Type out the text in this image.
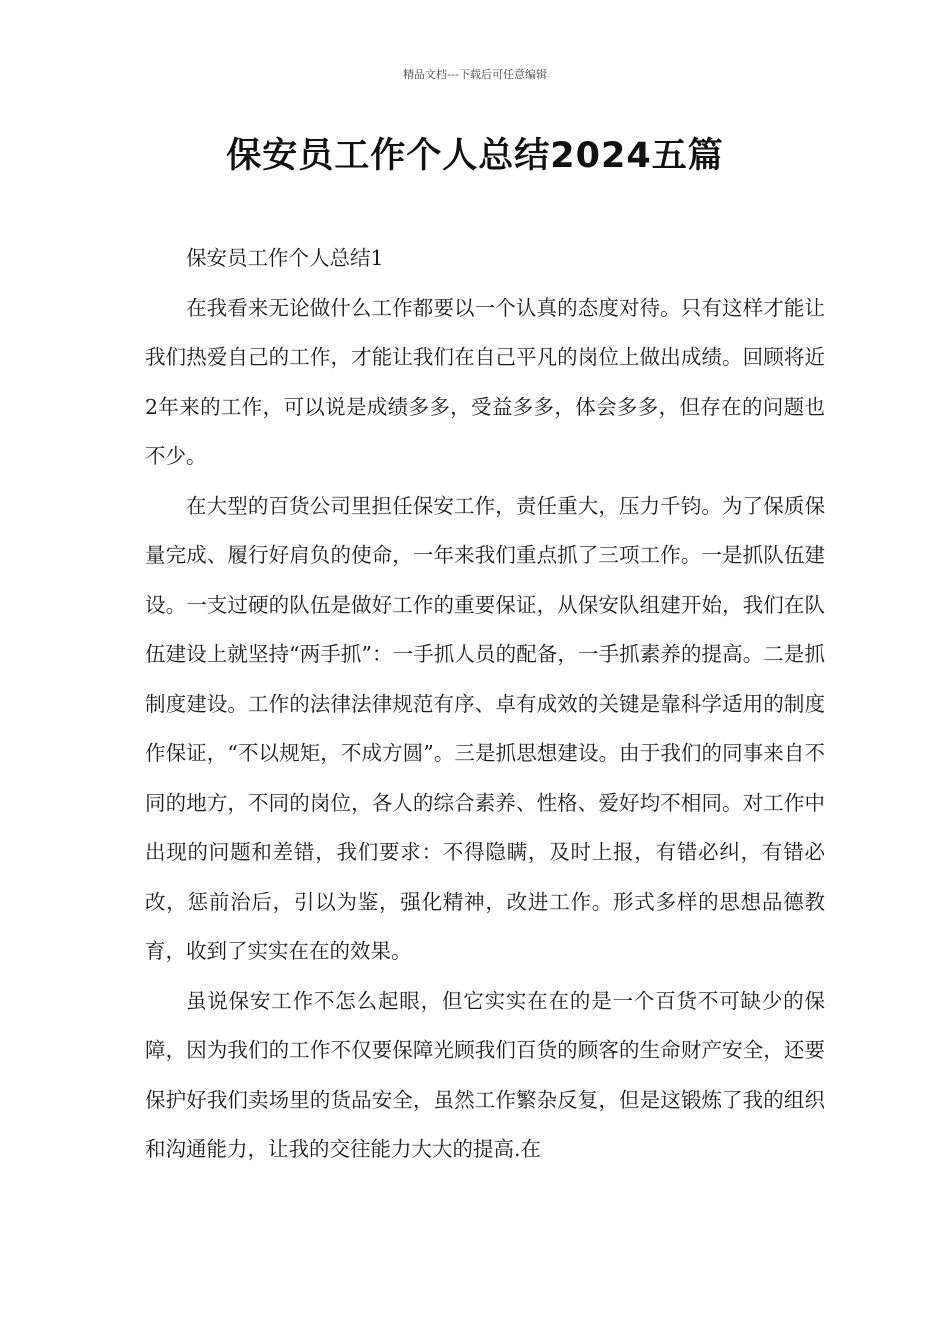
精品文档---下载后可任意编辑
保安员工作个人总结2024五篇

保安员工作个人总结1

在我看来无论做什么工作都要以一个认真的态度对待。只有这样才能让我们热爱自己的工作，才能让我们在自己平凡的岗位上做出成绩。回顾将近2年来的工作，可以说是成绩多多，受益多多，体会多多，但存在的问题也不少。

在大型的百货公司里担任保安工作，责任重大，压力千钧。为了保质保量完成、履行好肩负的使命，一年来我们重点抓了三项工作。一是抓队伍建设。一支过硬的队伍是做好工作的重要保证，从保安队组建开始，我们在队伍建设上就坚持“两手抓”：一手抓人员的配备，一手抓素养的提高。二是抓制度建设。工作的法律法律规范有序、卓有成效的关键是靠科学适用的制度作保证，“不以规矩，不成方圆”。三是抓思想建设。由于我们的同事来自不同的地方，不同的岗位，各人的综合素养、性格、爱好均不相同。对工作中出现的问题和差错，我们要求：不得隐瞒，及时上报，有错必纠，有错必改，惩前治后，引以为鉴，强化精神，改进工作。形式多样的思想品德教育，收到了实实在在的效果。

虽说保安工作不怎么起眼，但它实实在在的是一个百货不可缺少的保障，因为我们的工作不仅要保障光顾我们百货的顾客的生命财产安全，还要保护好我们卖场里的货品安全，虽然工作繁杂反复，但是这锻炼了我的组织和沟通能力，让我的交往能力大大的提高.在
